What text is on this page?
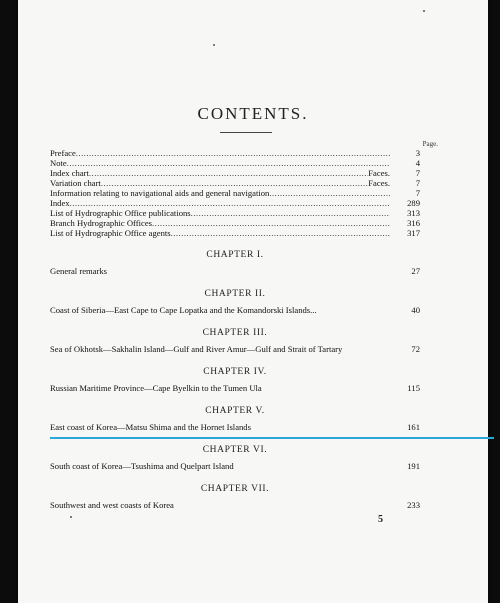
CONTENTS.
Page.
Preface .....	3
Note .....	4
Index chart .....	Faces.	7
Variation chart .....	Faces.	7
Information relating to navigational aids and general navigation .....	7
Index .....	289
List of Hydrographic Office publications .....	313
Branch Hydrographic Offices .....	316
List of Hydrographic Office agents .....	317
CHAPTER I.
General remarks	27
CHAPTER II.
Coast of Siberia—East Cape to Cape Lopatka and the Komandorski Islands...	40
CHAPTER III.
Sea of Okhotsk—Sakhalin Island—Gulf and River Amur—Gulf and Strait of Tartary	72
CHAPTER IV.
Russian Maritime Province—Cape Byelkin to the Tumen Ula	115
CHAPTER V.
East coast of Korea—Matsu Shima and the Hornet Islands	161
CHAPTER VI.
South coast of Korea—Tsushima and Quelpart Island	191
CHAPTER VII.
Southwest and west coasts of Korea	233
5
